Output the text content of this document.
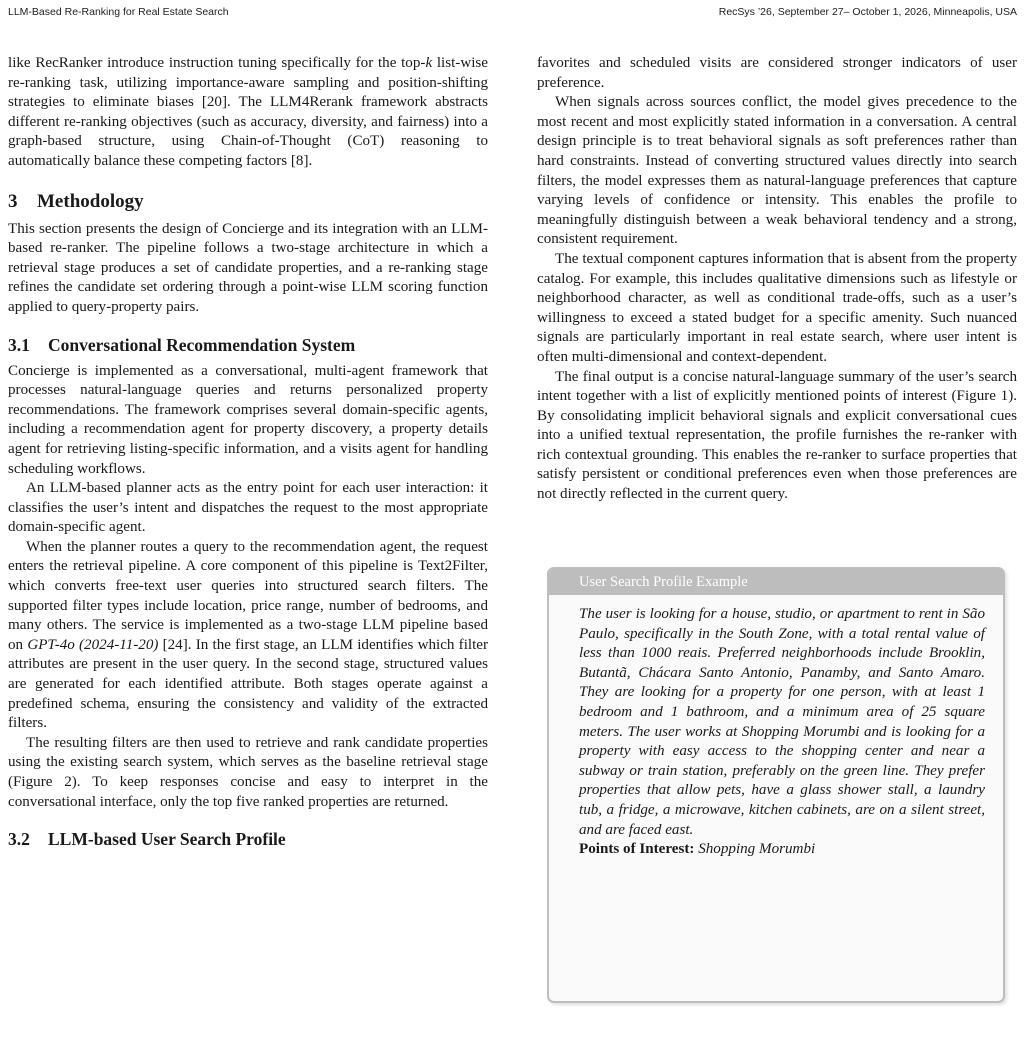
LLM-Based Re-Ranking for Real Estate Search	RecSys ’26, September 27– October 1, 2026, Minneapolis, USA

like RecRanker introduce instruction tuning specifically for the top-k list-wise re-ranking task, utilizing importance-aware sampling and position-shifting strategies to eliminate biases [20]. The LLM4Rerank framework abstracts different re-ranking objectives (such as accuracy, diversity, and fairness) into a graph-based structure, using Chain-of-Thought (CoT) reasoning to automatically balance these competing factors [8].

3 Methodology

This section presents the design of Concierge and its integration with an LLM-based re-ranker. The pipeline follows a two-stage architecture in which a retrieval stage produces a set of candidate properties, and a re-ranking stage refines the candidate set ordering through a point-wise LLM scoring function applied to query-property pairs.

3.1 Conversational Recommendation System

Concierge is implemented as a conversational, multi-agent framework that processes natural-language queries and returns personalized property recommendations. The framework comprises several domain-specific agents, including a recommendation agent for property discovery, a property details agent for retrieving listing-specific information, and a visits agent for handling scheduling workflows.

An LLM-based planner acts as the entry point for each user interaction: it classifies the user’s intent and dispatches the request to the most appropriate domain-specific agent.

When the planner routes a query to the recommendation agent, the request enters the retrieval pipeline. A core component of this pipeline is Text2Filter, which converts free-text user queries into structured search filters. The supported filter types include location, price range, number of bedrooms, and many others. The service is implemented as a two-stage LLM pipeline based on GPT-4o (2024-11-20) [24]. In the first stage, an LLM identifies which filter attributes are present in the user query. In the second stage, structured values are generated for each identified attribute. Both stages operate against a predefined schema, ensuring the consistency and validity of the extracted filters.

The resulting filters are then used to retrieve and rank candidate properties using the existing search system, which serves as the baseline retrieval stage (Figure 2). To keep responses concise and easy to interpret in the conversational interface, only the top five ranked properties are returned.

3.2 LLM-based User Search Profile

favorites and scheduled visits are considered stronger indicators of user preference.

When signals across sources conflict, the model gives precedence to the most recent and most explicitly stated information in a conversation. A central design principle is to treat behavioral signals as soft preferences rather than hard constraints. Instead of converting structured values directly into search filters, the model expresses them as natural-language preferences that capture varying levels of confidence or intensity. This enables the profile to meaningfully distinguish between a weak behavioral tendency and a strong, consistent requirement.

The textual component captures information that is absent from the property catalog. For example, this includes qualitative dimensions such as lifestyle or neighborhood character, as well as conditional trade-offs, such as a user’s willingness to exceed a stated budget for a specific amenity. Such nuanced signals are particularly important in real estate search, where user intent is often multi-dimensional and context-dependent.

The final output is a concise natural-language summary of the user’s search intent together with a list of explicitly mentioned points of interest (Figure 1). By consolidating implicit behavioral signals and explicit conversational cues into a unified textual representation, the profile furnishes the re-ranker with rich contextual grounding. This enables the re-ranker to surface properties that satisfy persistent or conditional preferences even when those preferences are not directly reflected in the current query.

User Search Profile Example

The user is looking for a house, studio, or apartment to rent in São Paulo, specifically in the South Zone, with a total rental value of less than 1000 reais. Preferred neighborhoods include Brooklin, Butantã, Chácara Santo Antonio, Panamby, and Santo Amaro. They are looking for a property for one person, with at least 1 bedroom and 1 bathroom, and a minimum area of 25 square meters. The user works at Shopping Morumbi and is looking for a property with easy access to the shopping center and near a subway or train station, preferably on the green line. They prefer properties that allow pets, have a glass shower stall, a laundry tub, a fridge, a microwave, kitchen cabinets, are on a silent street, and are faced east.

Points of Interest: Shopping Morumbi
